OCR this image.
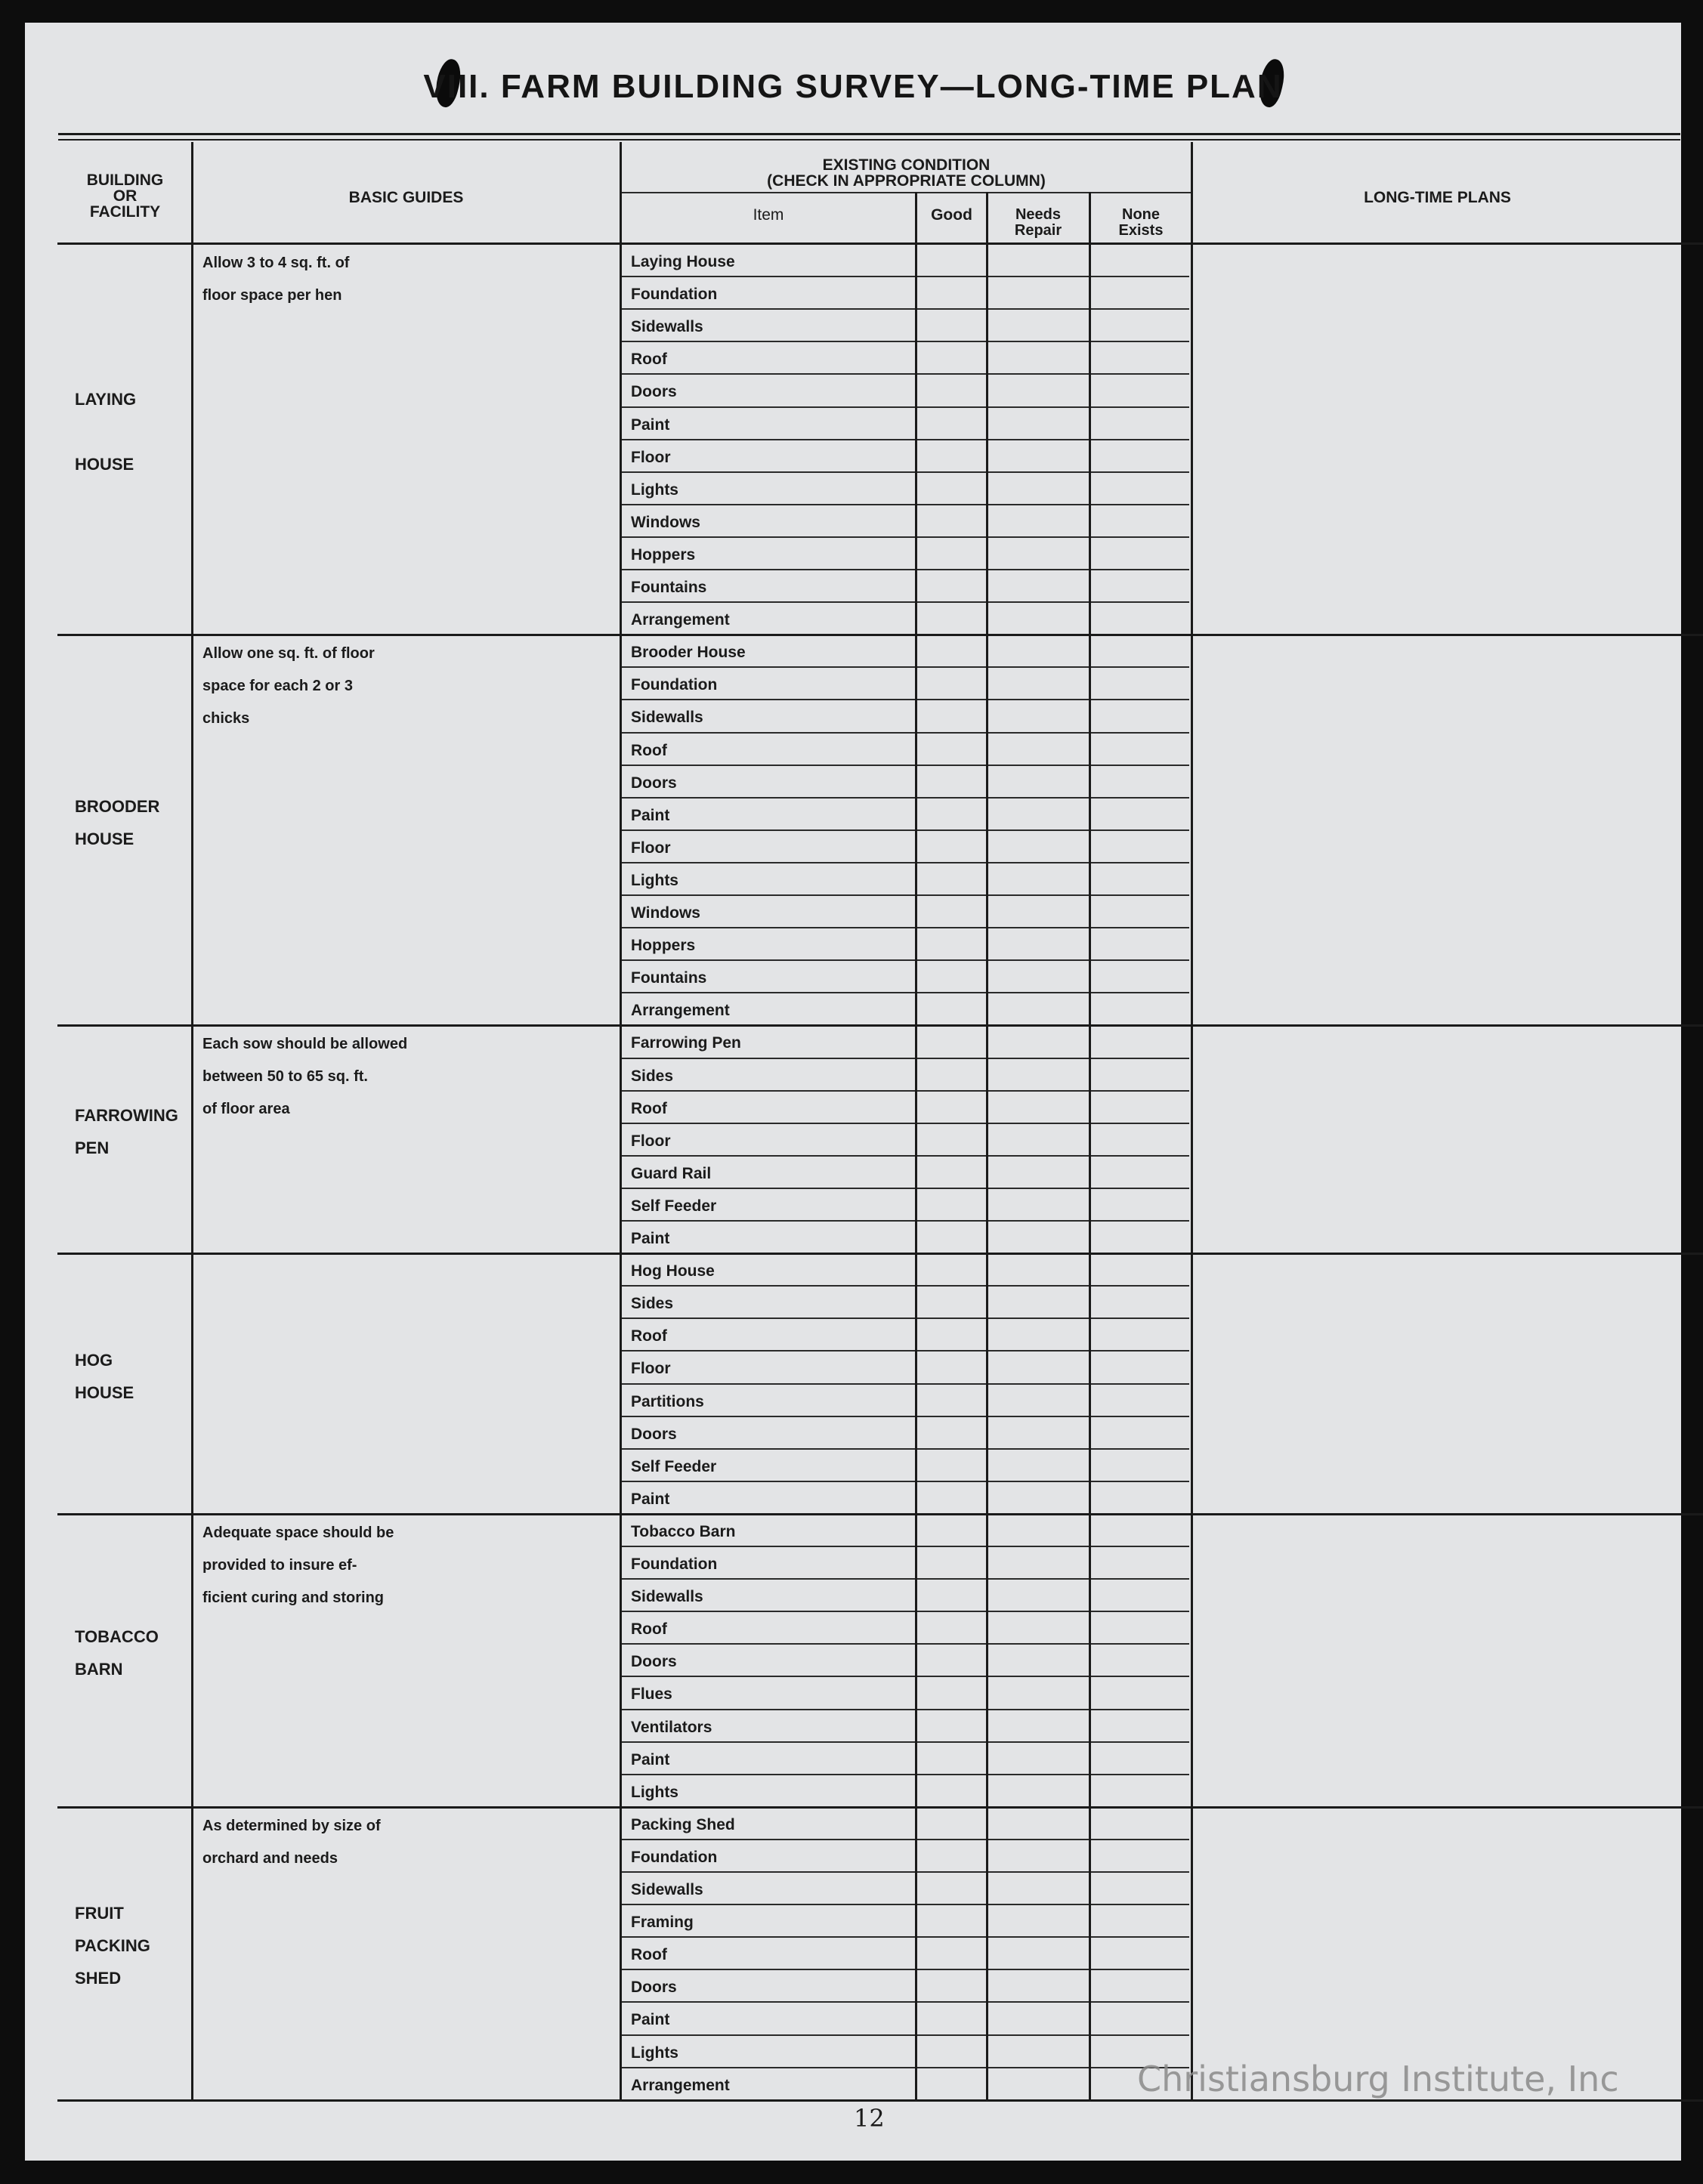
VIII. FARM BUILDING SURVEY—LONG-TIME PLAN
BUILDING
OR
FACILITY
BASIC GUIDES
EXISTING CONDITION
(CHECK IN APPROPRIATE COLUMN)
Item	Good	Needs
Repair
None
Exists
LONG-TIME PLANS
LAYING

HOUSE
Allow 3 to 4 sq. ft. of
floor space per hen
Laying House
Foundation
Sidewalls
Roof
Doors
Paint
Floor
Lights
Windows
Hoppers
Fountains
Arrangement
BROODER
HOUSE
Allow one sq. ft. of floor
space for each 2 or 3
chicks
Brooder House
Foundation
Sidewalls
Roof
Doors
Paint
Floor
Lights
Windows
Hoppers
Fountains
Arrangement
FARROWING
PEN
Each sow should be allowed
between 50 to 65 sq. ft.
of floor area
Farrowing Pen
Sides
Roof
Floor
Guard Rail
Self Feeder
Paint
HOG
HOUSE
Hog House
Sides
Roof
Floor
Partitions
Doors
Self Feeder
Paint
TOBACCO
BARN
Adequate space should be
provided to insure ef-
ficient curing and storing
Tobacco Barn
Foundation
Sidewalls
Roof
Doors
Flues
Ventilators
Paint
Lights
FRUIT
PACKING
SHED
As determined by size of
orchard and needs
Packing Shed
Foundation
Sidewalls
Framing
Roof
Doors
Paint
Lights
Arrangement
12
Christiansburg Institute, Inc
